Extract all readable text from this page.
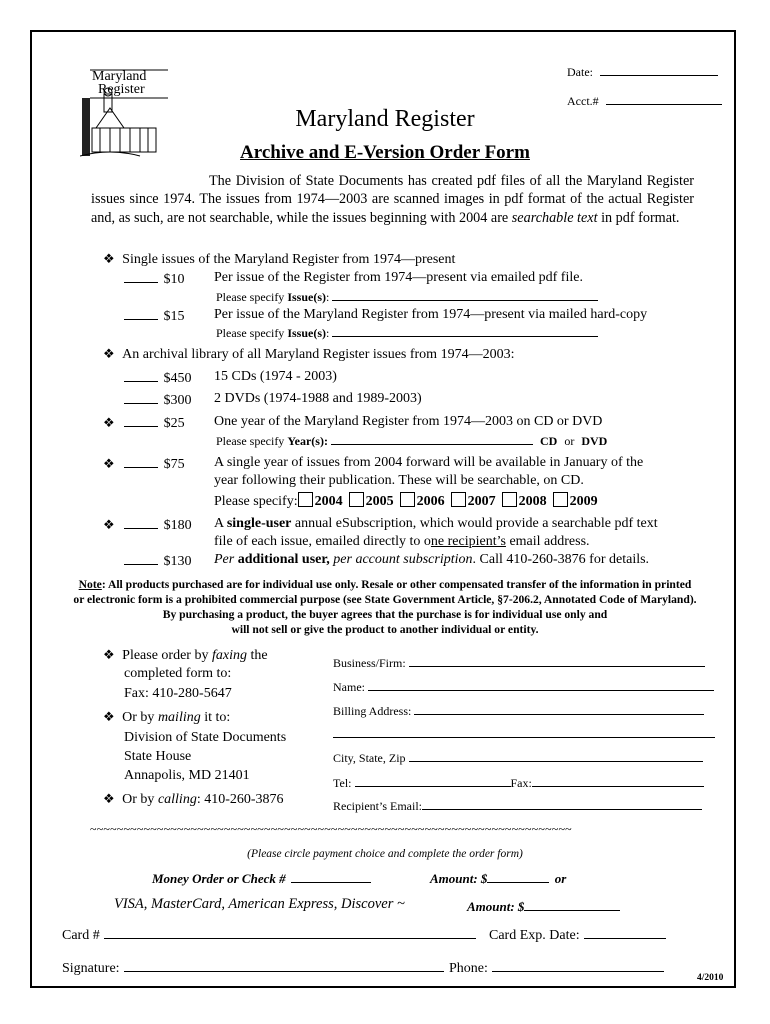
Maryland
Register
Date:
Acct.#
Maryland Register
Archive and E-Version Order Form
The Division of State Documents has created pdf files of all the Maryland Register issues since 1974. The issues from 1974—2003 are scanned images in pdf format of the actual Register and, as such, are not searchable, while the issues beginning with 2004 are searchable text in pdf format.
❖ Single issues of the Maryland Register from 1974—present
$10 Per issue of the Register from 1974—present via emailed pdf file.
Please specify Issue(s):
$15 Per issue of the Maryland Register from 1974—present via mailed hard-copy
Please specify Issue(s):
❖ An archival library of all Maryland Register issues from 1974—2003:
$450 15 CDs (1974 - 2003)
$300 2 DVDs (1974-1988 and 1989-2003)
❖	$25 One year of the Maryland Register from 1974—2003 on CD or DVD
Please specify Year(s):	CD or DVD
❖	$75 A single year of issues from 2004 forward will be available in January of the
year following their publication. These will be searchable, on CD.
Please specify: 2004 2005 2006 2007 2008 2009
❖	$180 A single-user annual eSubscription, which would provide a searchable pdf text
file of each issue, emailed directly to one recipient’s email address.
$130 Per additional user, per account subscription. Call 410-260-3876 for details.
Note: All products purchased are for individual use only. Resale or other compensated transfer of the information in printed
or electronic form is a prohibited commercial purpose (see State Government Article, §7-206.2, Annotated Code of Maryland).
By purchasing a product, the buyer agrees that the purchase is for individual use only and
will not sell or give the product to another individual or entity.
❖ Please order by faxing the
completed form to:
Fax: 410-280-5647
❖ Or by mailing it to:
Division of State Documents
State House
Annapolis, MD 21401
❖ Or by calling: 410-260-3876
Business/Firm:
Name:
Billing Address:
City, State, Zip
Tel:	Fax:
Recipient’s Email:
~~~~~~~~~~~~~~~~~~~~~~~~~~~~~~~~~~~~~~~~~~~~~~~~~~~~~~~~~~~~~~~~~~~~~~~~
(Please circle payment choice and complete the order form)
Money Order or Check #	Amount: $	or
VISA, MasterCard, American Express, Discover ~	Amount: $
Card #	Card Exp. Date:
Signature:	Phone:
4/2010
